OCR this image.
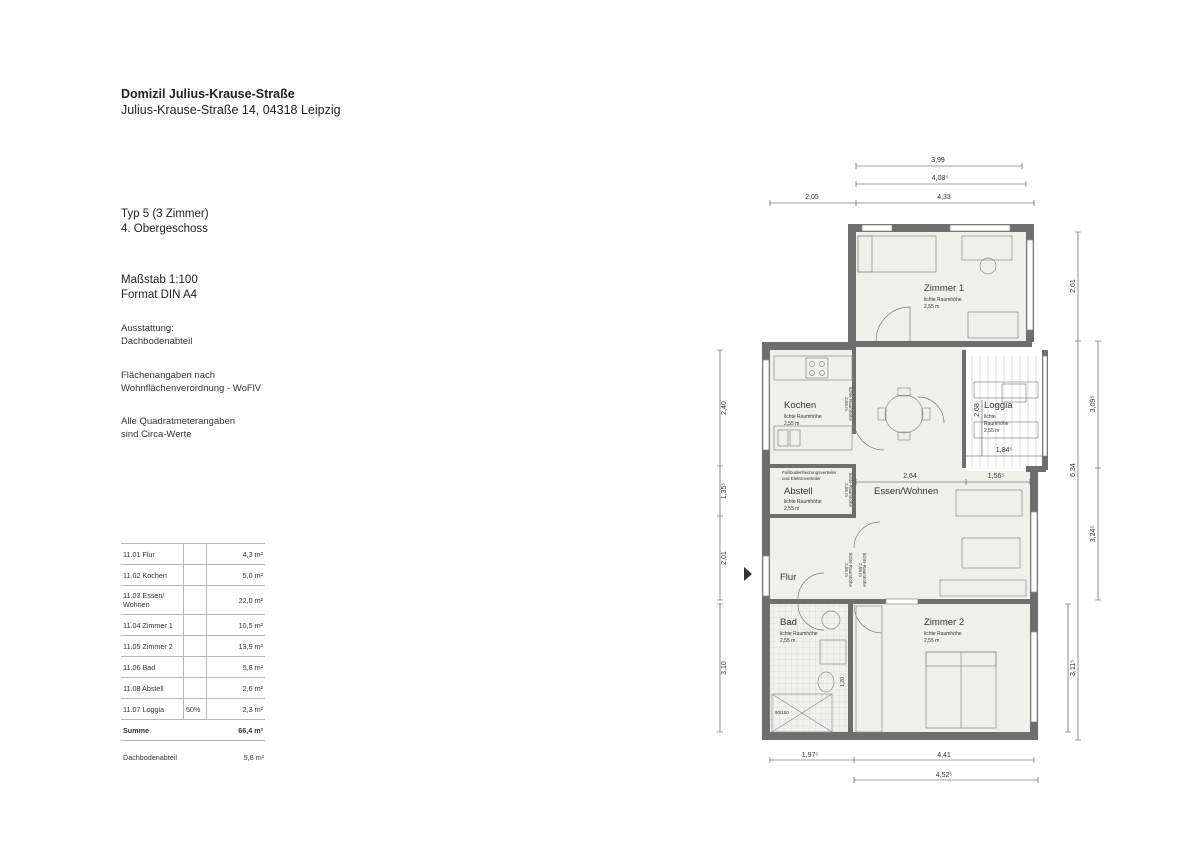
Domizil Julius-Krause-Straße

Julius-Krause-Straße 14, 04318 Leipzig

Typ 5 (3 Zimmer)

4. Obergeschoss

Maßstab 1:100

Format DIN A4

Ausstattung:

Dachbodenabteil

Flächenangaben nach

Wohnflächenverordnung - WoFlV

Alle Quadratmeterangaben

sind Circa-Werte

11.01 Flur		4,3 m²
11.02 Kochen		5,0 m²
11.03 Essen/ Wohnen		22,0 m²
11.04 Zimmer 1		10,5 m²
11.05 Zimmer 2		13,9 m²
11.06 Bad		5,8 m²
11.08 Abstell		2,6 m²
11.07 Loggia	50%	2,3 m²
Summe		66,4 m²
Dachbodenabteil	5,8 m²
3,99
4,08⁵
2,05	4,33
2,40
1,35⁵
2,01
3,10
2,61
6,34
3,09⁵
3,24⁵
3,11⁵
2,68
1,84⁵
2,64	1,56⁵
1,20
1,97⁵	4,41
4,52⁵
Zimmer 1
lichte Raumhöhe
2,55 m
Kochen
lichte Raumhöhe
2,55 m
Loggia
lichte
Raumhöhe
2,55 m
Fußbodenheizungsverteiler
und Elektroverteiler
Abstell
lichte Raumhöhe
2,55 m
Essen/Wohnen
Flur
Bad
lichte Raumhöhe
2,55 m
90/150
Zimmer 2
lichte Raumhöhe
2,55 m
lichte Raumhöhe
2,55 m
lichte Raumhöhe
2,55 m
lichte Raumhöhe
2,55 m	lichte Raumhöhe
2,55 m
